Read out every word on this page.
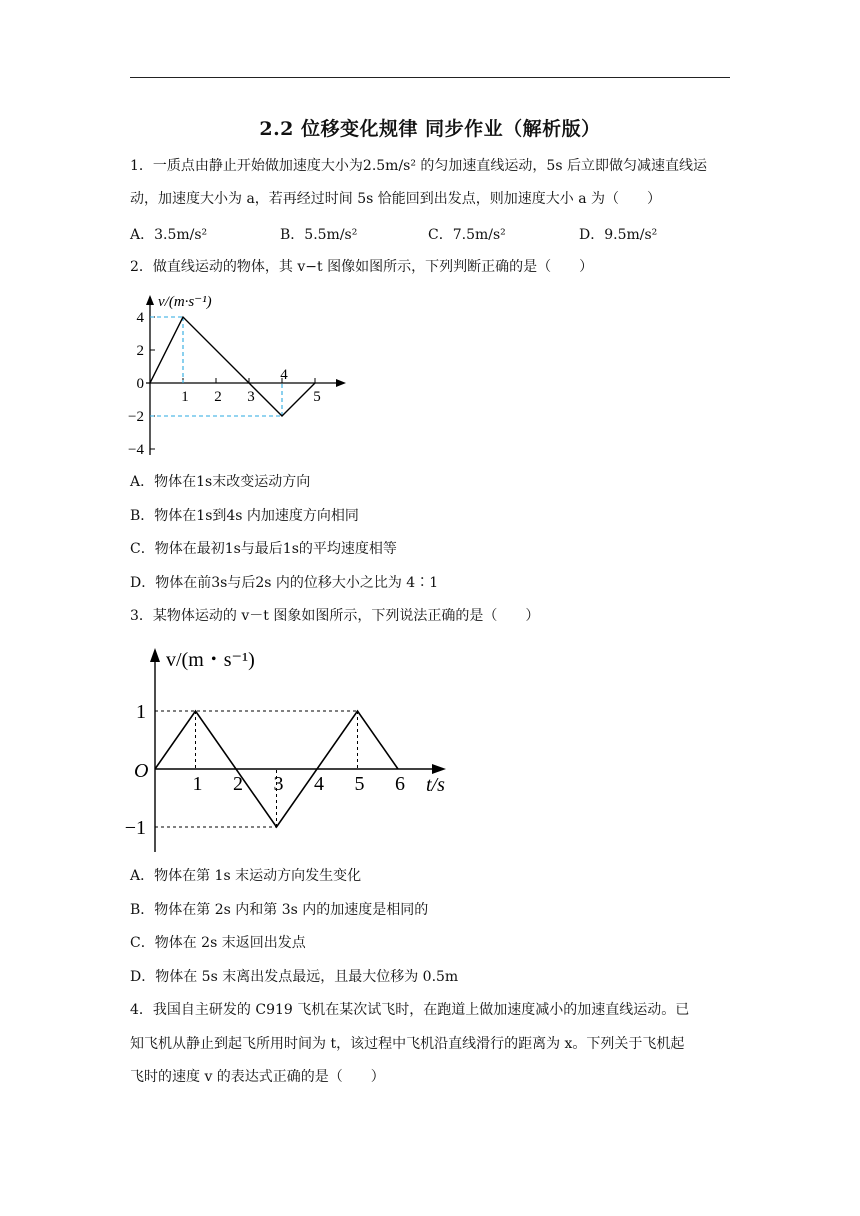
2.2 位移变化规律 同步作业（解析版）
1．一质点由静止开始做加速度大小为2.5m/s² 的匀加速直线运动，5s 后立即做匀减速直线运
动，加速度大小为 a，若再经过时间 5s 恰能回到出发点，则加速度大小 a 为（　　）
A．3.5m/s²	B．5.5m/s²	C．7.5m/s²	D．9.5m/s²
2．做直线运动的物体，其 v−t 图像如图所示，下列判断正确的是（　　）
v/(m·s⁻¹)
4
2
0
−2
−4
1 2 3
4
5
A．物体在1s末改变运动方向
B．物体在1s到4s 内加速度方向相同
C．物体在最初1s与最后1s的平均速度相等
D．物体在前3s与后2s 内的位移大小之比为 4∶1
3．某物体运动的 v－t 图象如图所示，下列说法正确的是（　　）
v/(m・s⁻¹)
t/s
O
1
−1
1 2 3 4 5 6
A．物体在第 1s 末运动方向发生变化
B．物体在第 2s 内和第 3s 内的加速度是相同的
C．物体在 2s 末返回出发点
D．物体在 5s 末离出发点最远，且最大位移为 0.5m
4．我国自主研发的 C919 飞机在某次试飞时，在跑道上做加速度减小的加速直线运动。已
知飞机从静止到起飞所用时间为 t，该过程中飞机沿直线滑行的距离为 x。下列关于飞机起
飞时的速度 v 的表达式正确的是（　　）
